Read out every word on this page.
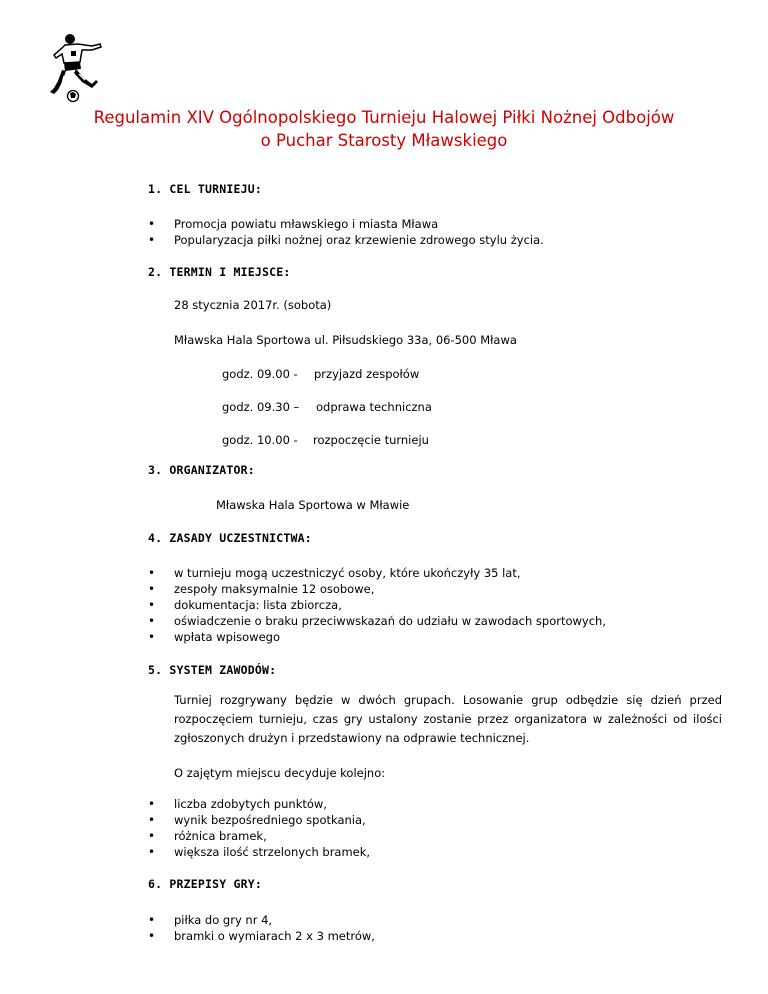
Regulamin XIV Ogólnopolskiego Turnieju Halowej Piłki Nożnej Odbojów
o Puchar Starosty Mławskiego
1. CEL TURNIEJU:
• Promocja powiatu mławskiego i miasta Mława
• Popularyzacja piłki nożnej oraz krzewienie zdrowego stylu życia.
2. TERMIN I MIEJSCE:
28 stycznia 2017r. (sobota)
Mławska Hala Sportowa ul. Piłsudskiego 33a, 06-500 Mława
godz. 09.00 - przyjazd zespołów
godz. 09.30 – odprawa techniczna
godz. 10.00 - rozpoczęcie turnieju
3. ORGANIZATOR:
Mławska Hala Sportowa w Mławie
4. ZASADY UCZESTNICTWA:
• w turnieju mogą uczestniczyć osoby, które ukończyły 35 lat,
• zespoły maksymalnie 12 osobowe,
• dokumentacja: lista zbiorcza,
• oświadczenie o braku przeciwwskazań do udziału w zawodach sportowych,
• wpłata wpisowego
5. SYSTEM ZAWODÓW:
Turniej rozgrywany będzie w dwóch grupach. Losowanie grup odbędzie się dzień przed rozpoczęciem turnieju, czas gry ustalony zostanie przez organizatora w zależności od ilości zgłoszonych drużyn i przedstawiony na odprawie technicznej.
O zajętym miejscu decyduje kolejno:
• liczba zdobytych punktów,
• wynik bezpośredniego spotkania,
• różnica bramek,
• większa ilość strzelonych bramek,
6. PRZEPISY GRY:
• piłka do gry nr 4,
• bramki o wymiarach 2 x 3 metrów,
